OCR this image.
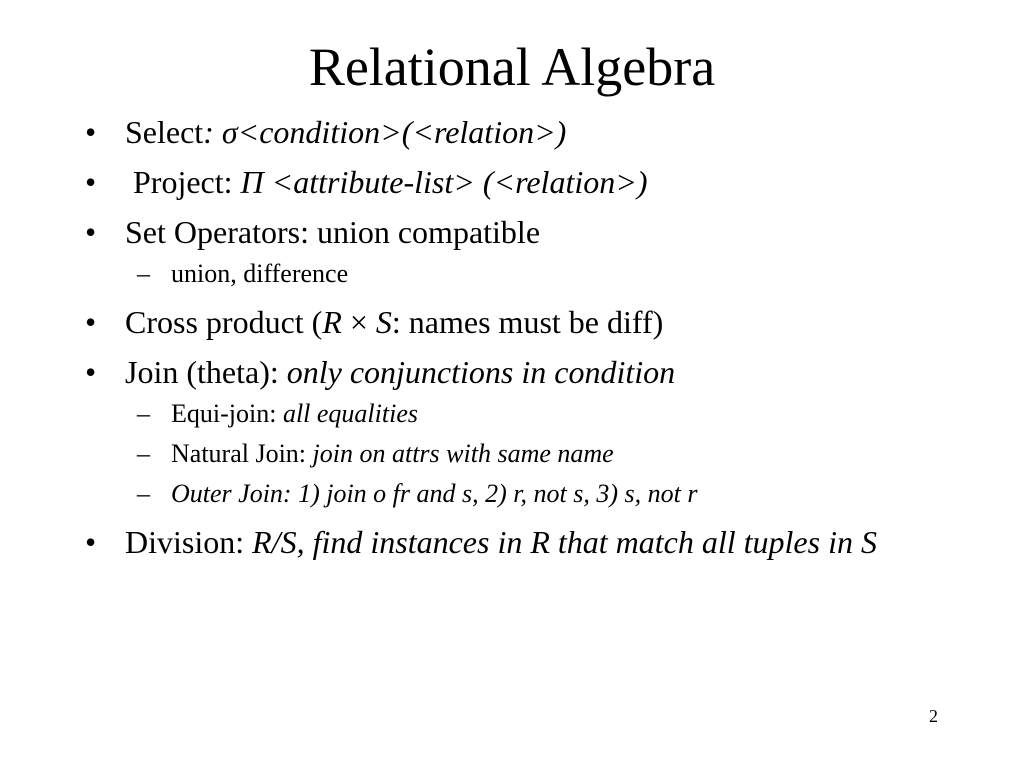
Relational Algebra
• Select: σ<condition>(<relation>)
•  Project: Π <attribute-list> (<relation>)
• Set Operators: union compatible
– union, difference
• Cross product (R × S: names must be diff)
• Join (theta): only conjunctions in condition
– Equi-join: all equalities
– Natural Join: join on attrs with same name
– Outer Join: 1) join o fr and s, 2) r, not s, 3) s, not r
• Division: R/S, find instances in R that match all tuples in S
2
